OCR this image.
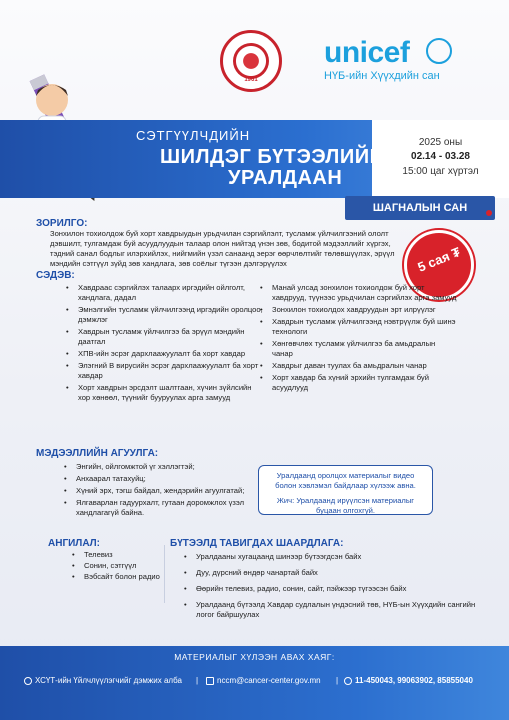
1961
unicef
НҮБ-ийн Хүүхдийн сан
СЭТГҮҮЛЧДИЙН
ШИЛДЭГ БҮТЭЭЛИЙН
УРАЛДААН
2025 оны
02.14 - 03.28
15:00 цаг хүртэл
ШАГНАЛЫН САН
5 сая ₮
ЗОРИЛГО:
Зонхилон тохиолдож буй хорт хавдрыудын урьдчилан сэргийлэлт, тусламж үйлчилгээний ололт дэвшилт, тулгамдаж буй асуудлуудын талаар олон нийтэд үнэн зөв, бодитой мэдээллийг хүргэх, тэдний санал бодлыг илэрхийлэх, нийгмийн үзэл санаанд эерэг өөрчлөлтийг төлөвшүүлэх, эрүүл мэндийн сэтгүүл зүйд зөв хандлага, зөв соёлыг түгээн дэлгэрүүлэх
СЭДЭВ:
• Хавдраас сэргийлэх талаарх иргэдийн ойлголт, хандлага, дадал
• Эмнэлгийн тусламж үйлчилгээнд иргэдийн оролцоо, дэмжлэг
• Хавдрын тусламж үйлчилгээ ба эрүүл мэндийн даатгал
• ХПВ-ийн эсрэг дархлаажуулалт ба хорт хавдар
• Элэгний В вирусийн эсрэг дархлаажуулалт ба хорт хавдар
• Хорт хавдрын эрсдэлт шалтгаан, хүчин зүйлсийн хор хөнөөл, түүнийг бууруулах арга замууд
• Манай улсад зонхилон тохиолдож буй хорт хавдрууд, түүнээс урьдчилан сэргийлэх арга замууд
• Зонхилон тохиолдох хавдруудын эрт илрүүлэг
• Хавдрын тусламж үйлчилгээнд нэвтрүүлж буй шинэ технологи
• Хөнгөвчлөх тусламж үйлчилгээ ба амьдралын чанар
• Хавдрыг даван туулах ба амьдралын чанар
• Хорт хавдар ба хүний эрхийн тулгамдаж буй асуудлууд
МЭДЭЭЛЛИЙН АГУУЛГА:
• Энгийн, ойлгомжтой үг хэллэгтэй;
• Анхаарал татахуйц;
• Хүний эрх, тэгш байдал, жендэрийн агуулгатай;
• Ялгаварлан гадуурхалт, гутаан доромжлох үзэл хандлагагүй байна.
Уралдаанд оролцох материалыг видео болон хэвлэмэл байдлаар хүлээж авна.
Жич: Уралдаанд ирүүлсэн материалыг буцаан олгохгүй.
АНГИЛАЛ:
• Телевиз
• Сонин, сэтгүүл
• Вэбсайт болон радио
БҮТЭЭЛД ТАВИГДАХ ШААРДЛАГА:
• Уралдааны хугацаанд шинээр бүтээгдсэн байх
• Дуу, дүрсний өндөр чанартай байх
• Өөрийн телевиз, радио, сонин, сайт, пэйжээр түгээсэн байх
• Уралдаанд бүтээлд Хавдар судлалын үндэсний төв, НҮБ-ын Хүүхдийн сангийн логог байршуулах
МАТЕРИАЛЫГ ХҮЛЭЭН АВАХ ХАЯГ:
ХСҮТ-ийн Үйлчлүүлэгчийг дэмжих алба |	nccm@cancer-center.gov.mn |	11-450043, 99063902, 85855040
